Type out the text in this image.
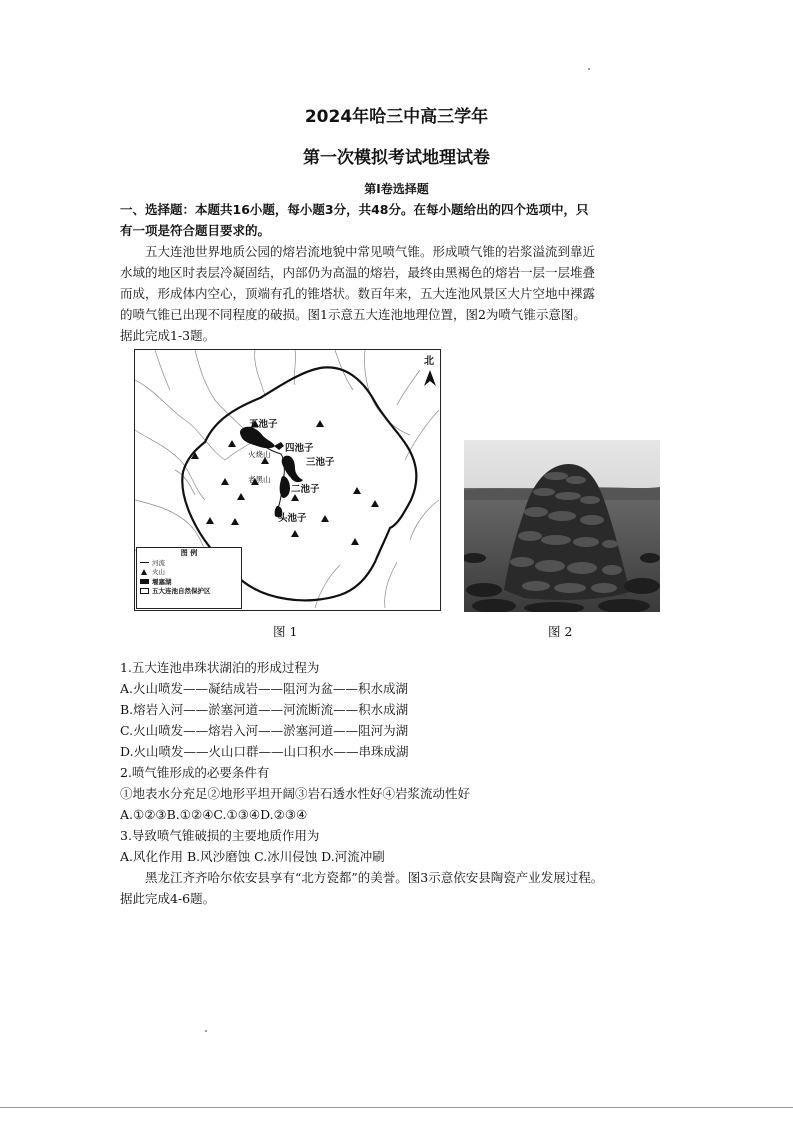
2024年哈三中高三学年
第一次模拟考试地理试卷
第Ⅰ卷选择题
一、选择题：本题共16小题，每小题3分，共48分。在每小题给出的四个选项中，只
有一项是符合题目要求的。
五大连池世界地质公园的熔岩流地貌中常见喷气锥。形成喷气锥的岩浆溢流到靠近
水域的地区时表层冷凝固结，内部仍为高温的熔岩，最终由黑褐色的熔岩一层一层堆叠
而成，形成体内空心，顶端有孔的锥塔状。数百年来，五大连池风景区大片空地中裸露
的喷气锥已出现不同程度的破损。图1示意五大连池地理位置，图2为喷气锥示意图。
据此完成1-3题。
北
五池子
四池子
三池子
二池子
头池子
火烧山
老黑山
图 例
河流
火山
堰塞湖
五大连池自然保护区
图 1	图 2
1.五大连池串珠状湖泊的形成过程为
A.火山喷发——凝结成岩——阻河为盆——积水成湖
B.熔岩入河——淤塞河道——河流断流——积水成湖
C.火山喷发——熔岩入河——淤塞河道——阻河为湖
D.火山喷发——火山口群——山口积水——串珠成湖
2.喷气锥形成的必要条件有
①地表水分充足②地形平坦开阔③岩石透水性好④岩浆流动性好
A.①②③B.①②④C.①③④D.②③④
3.导致喷气锥破损的主要地质作用为
A.风化作用 B.风沙磨蚀 C.冰川侵蚀 D.河流冲刷
黑龙江齐齐哈尔依安县享有“北方瓷都”的美誉。图3示意依安县陶瓷产业发展过程。
据此完成4-6题。
